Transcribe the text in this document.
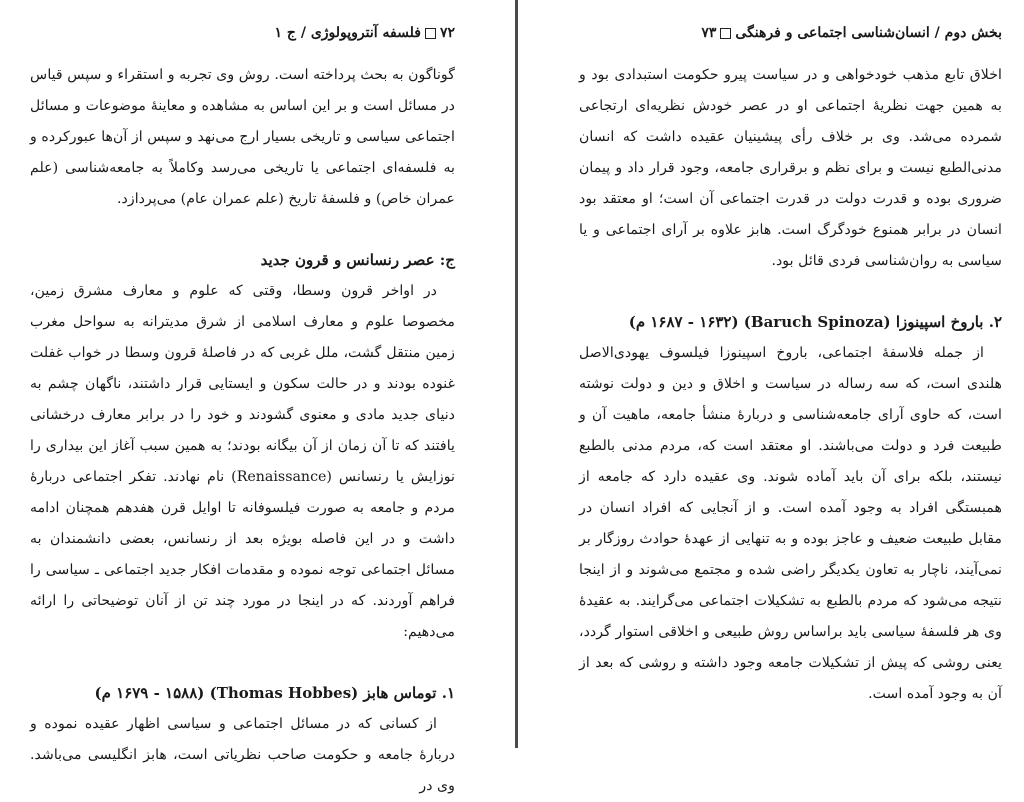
۷۲فلسفه آنتروپولوژی / ج ۱

گوناگون به بحث پرداخته است. روش وی تجربه و استقراء و سپس قیاس در مسائل است و بر این اساس به مشاهده و معاینهٔ موضوعات و مسائل اجتماعی سیاسی و تاریخی بسیار ارج می‌نهد و سپس از آن‌ها عبورکرده و به فلسفه‌ای اجتماعی یا تاریخی می‌رسد وکاملاً به جامعه‌شناسی (علم عمران خاص) و فلسفهٔ تاریخ (علم عمران عام) می‌پردازد.

ج: عصر رنسانس و قرون جدید

در اواخر قرون وسطا، وقتی که علوم و معارف مشرق زمین، مخصوصا علوم و معارف اسلامی از شرق مدیترانه به سواحل مغرب زمین منتقل گشت، ملل غربی که در فاصلهٔ قرون وسطا در خواب غفلت غنوده بودند و در حالت سکون و ایستایی قرار داشتند، ناگهان چشم به دنیای جدید مادی و معنوی گشودند و خود را در برابر معارف درخشانی یافتند که تا آن زمان از آن بیگانه بودند؛ به همین سبب آغاز این بیداری را نوزایش یا رنسانس (Renaissance) نام نهادند. تفکر اجتماعی دربارهٔ مردم و جامعه به صورت فیلسوفانه تا اوایل قرن هفدهم همچنان ادامه داشت و در این فاصله بویژه بعد از رنسانس، بعضی دانشمندان به مسائل اجتماعی توجه نموده و مقدمات افکار جدید اجتماعی ـ سیاسی را فراهم آوردند. که در اینجا در مورد چند تن از آنان توضیحاتی را ارائه می‌دهیم:

۱. توماس هابز (Thomas Hobbes) (۱۶۷۹ - ۱۵۸۸ م)

از کسانی که در مسائل اجتماعی و سیاسی اظهار عقیده نموده و دربارهٔ جامعه و حکومت صاحب نظریاتی است، هابز انگلیسی می‌باشد. وی در

بخش دوم / انسان‌شناسی اجتماعی و فرهنگی۷۳

اخلاق تابع مذهب خودخواهی و در سیاست پیرو حکومت استبدادی بود و به همین جهت نظریهٔ اجتماعی او در عصر خودش نظریه‌ای ارتجاعی شمرده می‌شد. وی بر خلاف رأی پیشینیان عقیده داشت که انسان مدنی‌الطبع نیست و برای نظم و برقراری جامعه، وجود قرار داد و پیمان ضروری بوده و قدرت دولت در قدرت اجتماعی آن است؛ او معتقد بود انسان در برابر همنوع خودگرگ است. هابز علاوه بر آرای اجتماعی و یا سیاسی به روان‌شناسی فردی قائل بود.

۲. باروخ اسپینوزا (Baruch Spinoza) (۱۶۸۷ - ۱۶۳۲ م)

از جمله فلاسفهٔ اجتماعی، باروخ اسپینوزا فیلسوف یهودی‌الاصل هلندی است، که سه رساله در سیاست و اخلاق و دین و دولت نوشته است، که حاوی آرای جامعه‌شناسی و دربارهٔ منشأ جامعه، ماهیت آن و طبیعت فرد و دولت می‌باشند. او معتقد است که، مردم مدنی بالطبع نیستند، بلکه برای آن باید آماده شوند. وی عقیده دارد که جامعه از همبستگی افراد به وجود آمده است. و از آنجایی که افراد انسان در مقابل طبیعت ضعیف و عاجز بوده و به تنهایی از عهدهٔ حوادث روزگار بر نمی‌آیند، ناچار به تعاون یکدیگر راضی شده و مجتمع می‌شوند و از اینجا نتیجه می‌شود که مردم بالطبع به تشکیلات اجتماعی می‌گرایند. به عقیدهٔ وی هر فلسفهٔ سیاسی باید براساس روش طبیعی و اخلاقی استوار گردد، یعنی روشی که پیش از تشکیلات جامعه وجود داشته و روشی که بعد از آن به وجود آمده است.
